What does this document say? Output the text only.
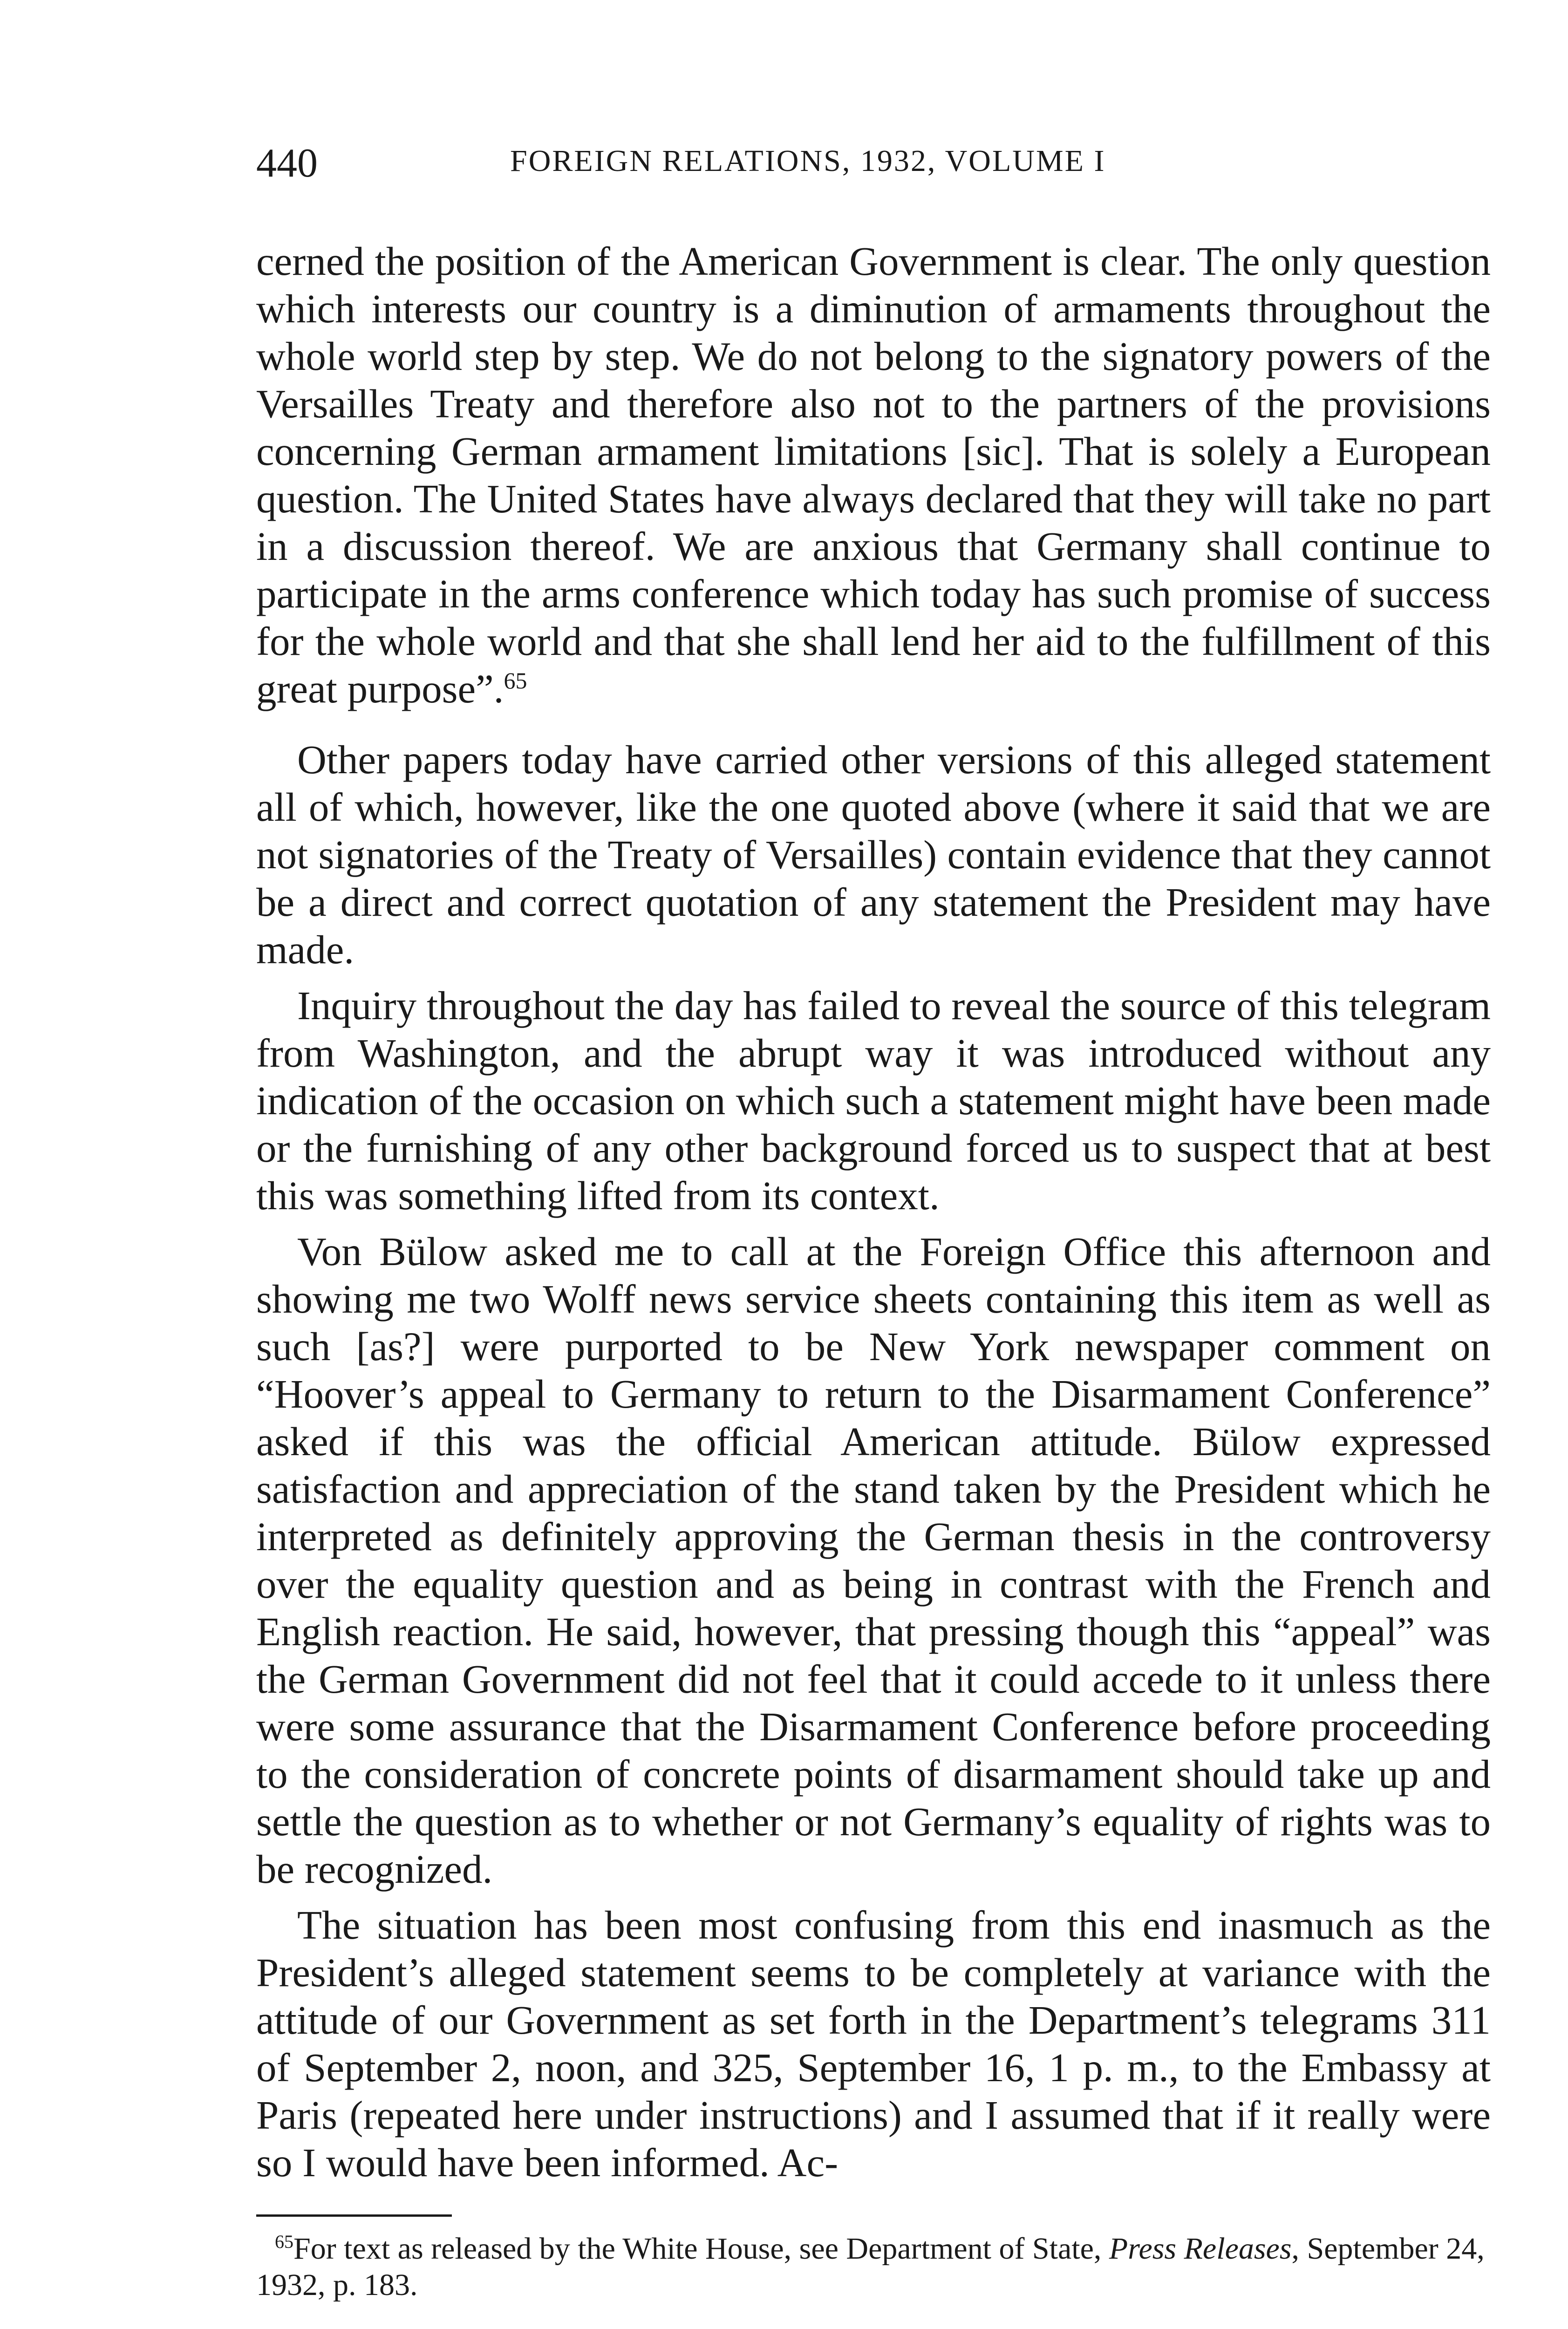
440	FOREIGN RELATIONS, 1932, VOLUME I

cerned the position of the American Government is clear. The only question which interests our country is a diminution of armaments throughout the whole world step by step. We do not belong to the signatory powers of the Versailles Treaty and therefore also not to the partners of the provisions concerning German armament limitations [sic]. That is solely a European question. The United States have always declared that they will take no part in a discussion thereof. We are anxious that Germany shall continue to participate in the arms conference which today has such promise of success for the whole world and that she shall lend her aid to the fulfillment of this great purpose”.$^{65}$

Other papers today have carried other versions of this alleged statement all of which, however, like the one quoted above (where it said that we are not signatories of the Treaty of Versailles) contain evidence that they cannot be a direct and correct quotation of any statement the President may have made.

Inquiry throughout the day has failed to reveal the source of this telegram from Washington, and the abrupt way it was introduced without any indication of the occasion on which such a statement might have been made or the furnishing of any other background forced us to suspect that at best this was something lifted from its context.

Von Bülow asked me to call at the Foreign Office this afternoon and showing me two Wolff news service sheets containing this item as well as such [as?] were purported to be New York newspaper comment on “Hoover’s appeal to Germany to return to the Disarmament Conference” asked if this was the official American attitude. Bülow expressed satisfaction and appreciation of the stand taken by the President which he interpreted as definitely approving the German thesis in the controversy over the equality question and as being in contrast with the French and English reaction. He said, however, that pressing though this “appeal” was the German Government did not feel that it could accede to it unless there were some assurance that the Disarmament Conference before proceeding to the consideration of concrete points of disarmament should take up and settle the question as to whether or not Germany’s equality of rights was to be recognized.

The situation has been most confusing from this end inasmuch as the President’s alleged statement seems to be completely at variance with the attitude of our Government as set forth in the Department’s telegrams 311 of September 2, noon, and 325, September 16, 1 p. m., to the Embassy at Paris (repeated here under instructions) and I assumed that if it really were so I would have been informed. Ac-

$^{65}$For text as released by the White House, see Department of State, Press Releases, September 24, 1932, p. 183.
